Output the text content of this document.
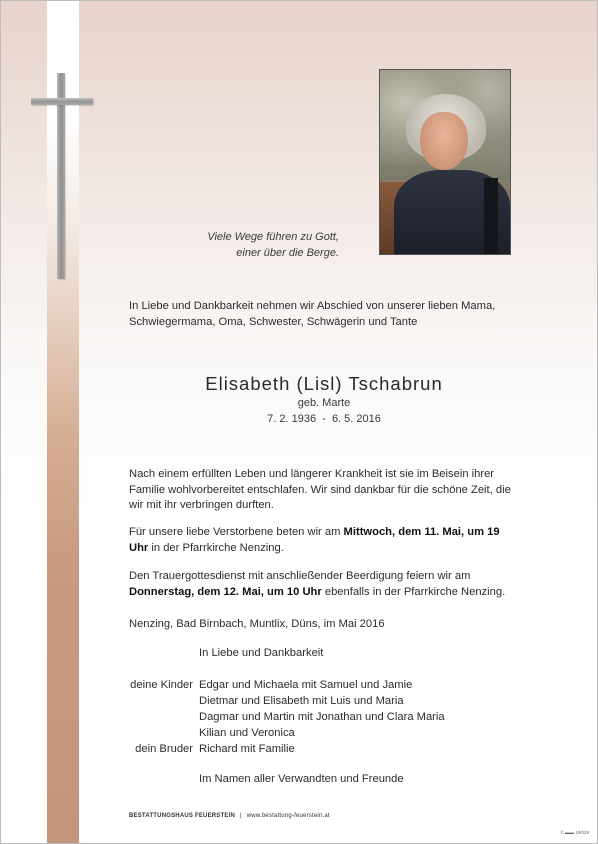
Viele Wege führen zu Gott,
einer über die Berge.
In Liebe und Dankbarkeit nehmen wir Abschied von unserer lieben Mama, Schwiegermama, Oma, Schwester, Schwägerin und Tante
Elisabeth (Lisl) Tschabrun
geb. Marte
7. 2. 1936  -  6. 5. 2016
Nach einem erfüllten Leben und längerer Krankheit ist sie im Beisein ihrer Familie wohlvorbereitet entschlafen. Wir sind dankbar für die schöne Zeit, die wir mit ihr verbringen durften.
Für unsere liebe Verstorbene beten wir am Mittwoch, dem 11. Mai, um 19 Uhr in der Pfarrkirche Nenzing.
Den Trauergottesdienst mit anschließender Beerdigung feiern wir am Donnerstag, dem 12. Mai, um 10 Uhr ebenfalls in der Pfarrkirche Nenzing.
Nenzing, Bad Birnbach, Muntlix, Düns, im Mai 2016
In Liebe und Dankbarkeit
deine Kinder Edgar und Michaela mit Samuel und Jamie
Dietmar und Elisabeth mit Luis und Maria
Dagmar und Martin mit Jonathan und Clara Maria
Kilian und Veronica
dein Bruder Richard mit Familie
Im Namen aller Verwandten und Freunde
BESTATTUNGSHAUS FEUERSTEIN | www.bestattung-feuerstein.at
© ▬▬ 19/029
